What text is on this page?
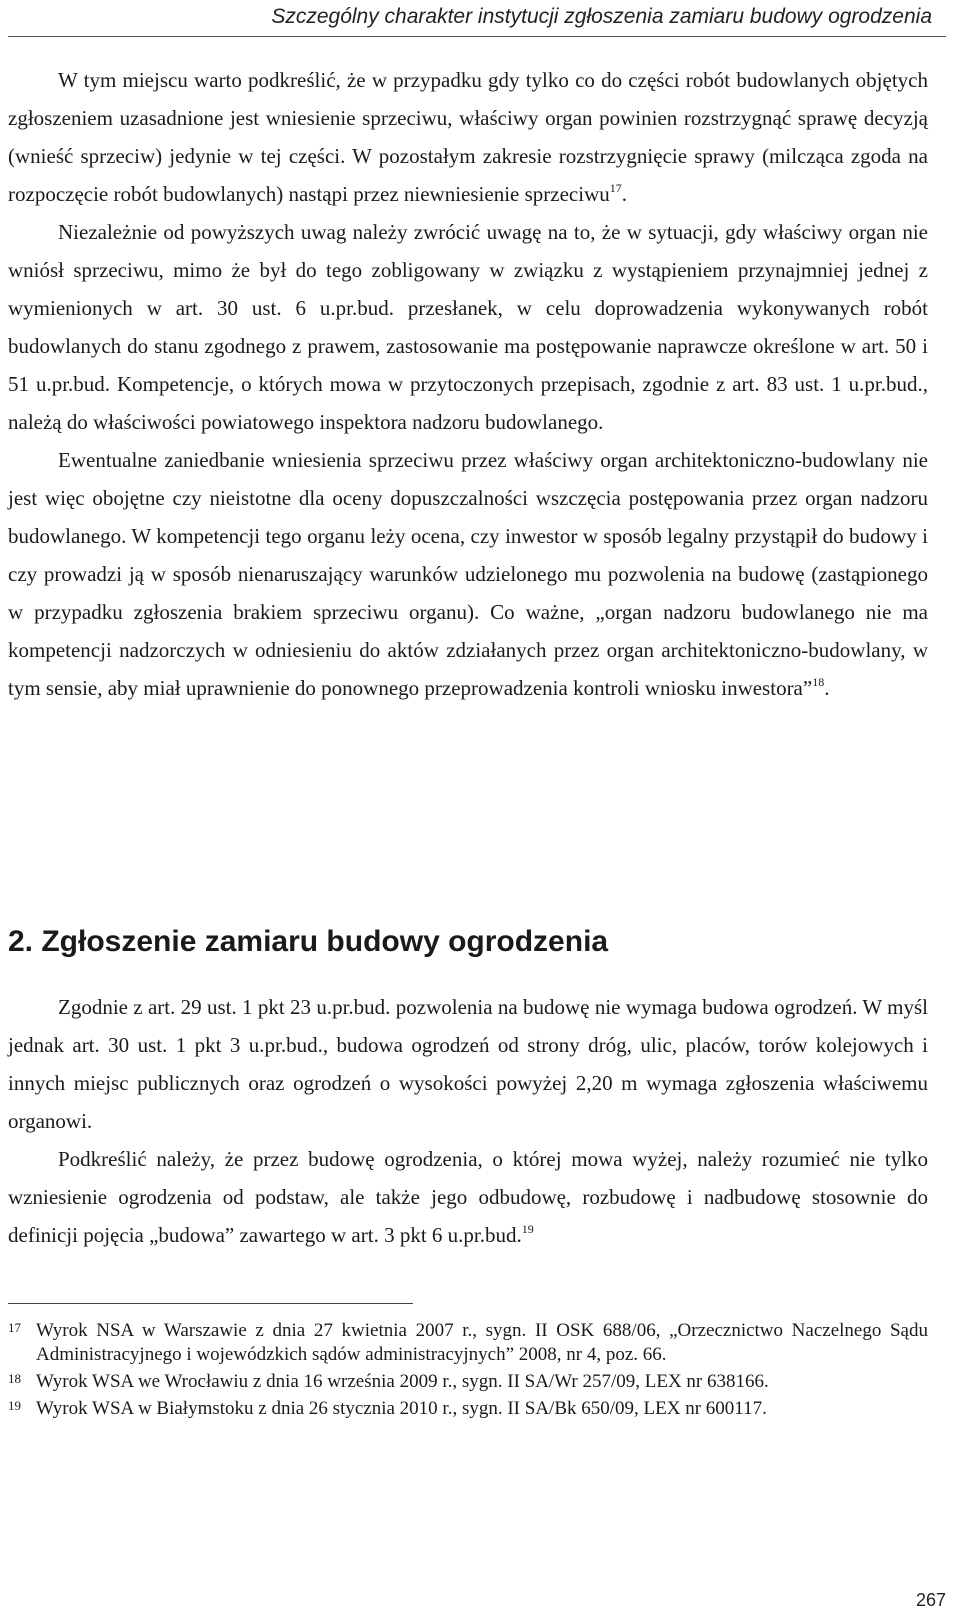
Szczególny charakter instytucji zgłoszenia zamiaru budowy ogrodzenia

W tym miejscu warto podkreślić, że w przypadku gdy tylko co do części robót budowlanych objętych zgłoszeniem uzasadnione jest wniesienie sprzeciwu, właściwy organ powinien rozstrzygnąć sprawę decyzją (wnieść sprzeciw) jedynie w tej części. W pozostałym zakresie rozstrzygnięcie sprawy (milcząca zgoda na rozpoczęcie robót budowlanych) nastąpi przez niewniesienie sprzeciwu$^{17}$.

Niezależnie od powyższych uwag należy zwrócić uwagę na to, że w sytuacji, gdy właściwy organ nie wniósł sprzeciwu, mimo że był do tego zobligowany w związku z wystąpieniem przynajmniej jednej z wymienionych w art. 30 ust. 6 u.pr.bud. przesłanek, w celu doprowadzenia wykonywanych robót budowlanych do stanu zgodnego z prawem, zastosowanie ma postępowanie naprawcze określone w art. 50 i 51 u.pr.bud. Kompetencje, o których mowa w przytoczonych przepisach, zgodnie z art. 83 ust. 1 u.pr.bud., należą do właściwości powiatowego inspektora nadzoru budowlanego.

Ewentualne zaniedbanie wniesienia sprzeciwu przez właściwy organ architektoniczno-budowlany nie jest więc obojętne czy nieistotne dla oceny dopuszczalności wszczęcia postępowania przez organ nadzoru budowlanego. W kompetencji tego organu leży ocena, czy inwestor w sposób legalny przystąpił do budowy i czy prowadzi ją w sposób nienaruszający warunków udzielonego mu pozwolenia na budowę (zastąpionego w przypadku zgłoszenia brakiem sprzeciwu organu). Co ważne, „organ nadzoru budowlanego nie ma kompetencji nadzorczych w odniesieniu do aktów zdziałanych przez organ architektoniczno-budowlany, w tym sensie, aby miał uprawnienie do ponownego przeprowadzenia kontroli wniosku inwestora”$^{18}$.

2. Zgłoszenie zamiaru budowy ogrodzenia

Zgodnie z art. 29 ust. 1 pkt 23 u.pr.bud. pozwolenia na budowę nie wymaga budowa ogrodzeń. W myśl jednak art. 30 ust. 1 pkt 3 u.pr.bud., budowa ogrodzeń od strony dróg, ulic, placów, torów kolejowych i innych miejsc publicznych oraz ogrodzeń o wysokości powyżej 2,20 m wymaga zgłoszenia właściwemu organowi.

Podkreślić należy, że przez budowę ogrodzenia, o której mowa wyżej, należy rozumieć nie tylko wzniesienie ogrodzenia od podstaw, ale także jego odbudowę, rozbudowę i nadbudowę stosownie do definicji pojęcia „budowa” zawartego w art. 3 pkt 6 u.pr.bud.$^{19}$

17 Wyrok NSA w Warszawie z dnia 27 kwietnia 2007 r., sygn. II OSK 688/06, „Orzecznictwo Naczelnego Sądu Administracyjnego i wojewódzkich sądów administracyjnych” 2008, nr 4, poz. 66.
18 Wyrok WSA we Wrocławiu z dnia 16 września 2009 r., sygn. II SA/Wr 257/09, LEX nr 638166.
19 Wyrok WSA w Białymstoku z dnia 26 stycznia 2010 r., sygn. II SA/Bk 650/09, LEX nr 600117.
267
